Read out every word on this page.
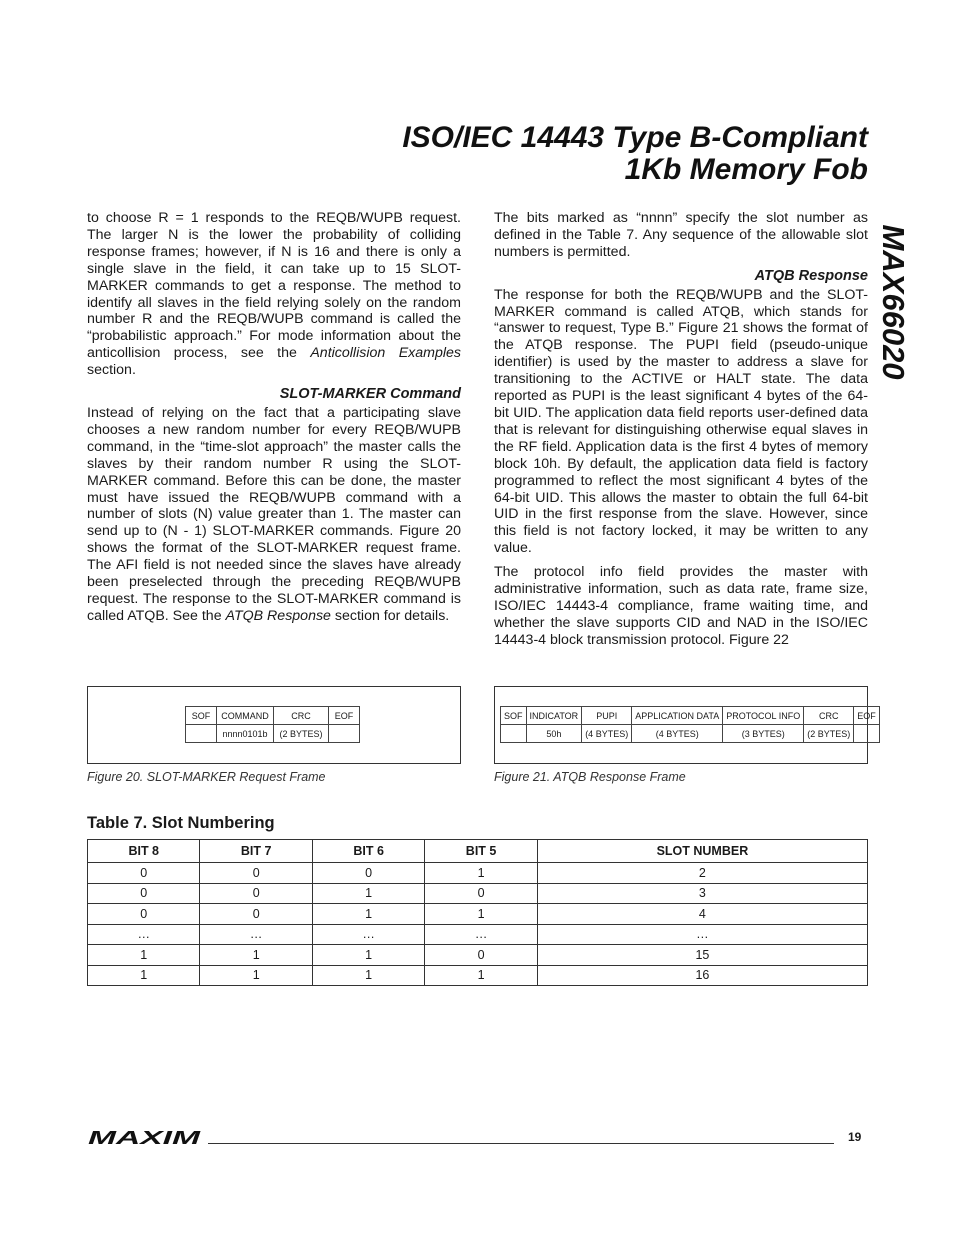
ISO/IEC 14443 Type B-Compliant
1Kb Memory Fob
MAX66020

to choose R = 1 responds to the REQB/WUPB request. The larger N is the lower the probability of colliding response frames; however, if N is 16 and there is only a single slave in the field, it can take up to 15 SLOT-MARKER commands to get a response. The method to identify all slaves in the field relying solely on the random number R and the REQB/WUPB command is called the “probabilistic approach.” For mode information about the anticollision process, see the Anticollision Examples section.

SLOT-MARKER Command

Instead of relying on the fact that a participating slave chooses a new random number for every REQB/WUPB command, in the “time-slot approach” the master calls the slaves by their random number R using the SLOT-MARKER command. Before this can be done, the master must have issued the REQB/WUPB command with a number of slots (N) value greater than 1. The master can send up to (N - 1) SLOT-MARKER commands. Figure 20 shows the format of the SLOT-MARKER request frame. The AFI field is not needed since the slaves have already been preselected through the preceding REQB/WUPB request. The response to the SLOT-MARKER command is called ATQB. See the ATQB Response section for details.

The bits marked as “nnnn” specify the slot number as defined in the Table 7. Any sequence of the allowable slot numbers is permitted.

ATQB Response

The response for both the REQB/WUPB and the SLOT-MARKER command is called ATQB, which stands for “answer to request, Type B.” Figure 21 shows the format of the ATQB response. The PUPI field (pseudo-unique identifier) is used by the master to address a slave for transitioning to the ACTIVE or HALT state. The data reported as PUPI is the least significant 4 bytes of the 64-bit UID. The application data field reports user-defined data that is relevant for distinguishing otherwise equal slaves in the RF field. Application data is the first 4 bytes of memory block 10h. By default, the application data field is factory programmed to reflect the most significant 4 bytes of the 64-bit UID. This allows the master to obtain the full 64-bit UID in the first response from the slave. However, since this field is not factory locked, it may be written to any value.

The protocol info field provides the master with administrative information, such as data rate, frame size, ISO/IEC 14443-4 compliance, frame waiting time, and whether the slave supports CID and NAD in the ISO/IEC 14443-4 block transmission protocol. Figure 22

SOF	COMMAND	CRC	EOF
	nnnn0101b	(2 BYTES)	
Figure 20. SLOT-MARKER Request Frame
SOF	INDICATOR	PUPI	APPLICATION DATA	PROTOCOL INFO	CRC	EOF
	50h	(4 BYTES)	(4 BYTES)	(3 BYTES)	(2 BYTES)	
Figure 21. ATQB Response Frame
Table 7. Slot Numbering
BIT 8	BIT 7	BIT 6	BIT 5	SLOT NUMBER
0	0	0	1	2
0	0	1	0	3
0	0	1	1	4
…	…	…	…	…
1	1	1	0	15
1	1	1	1	16
MAXIM	19
